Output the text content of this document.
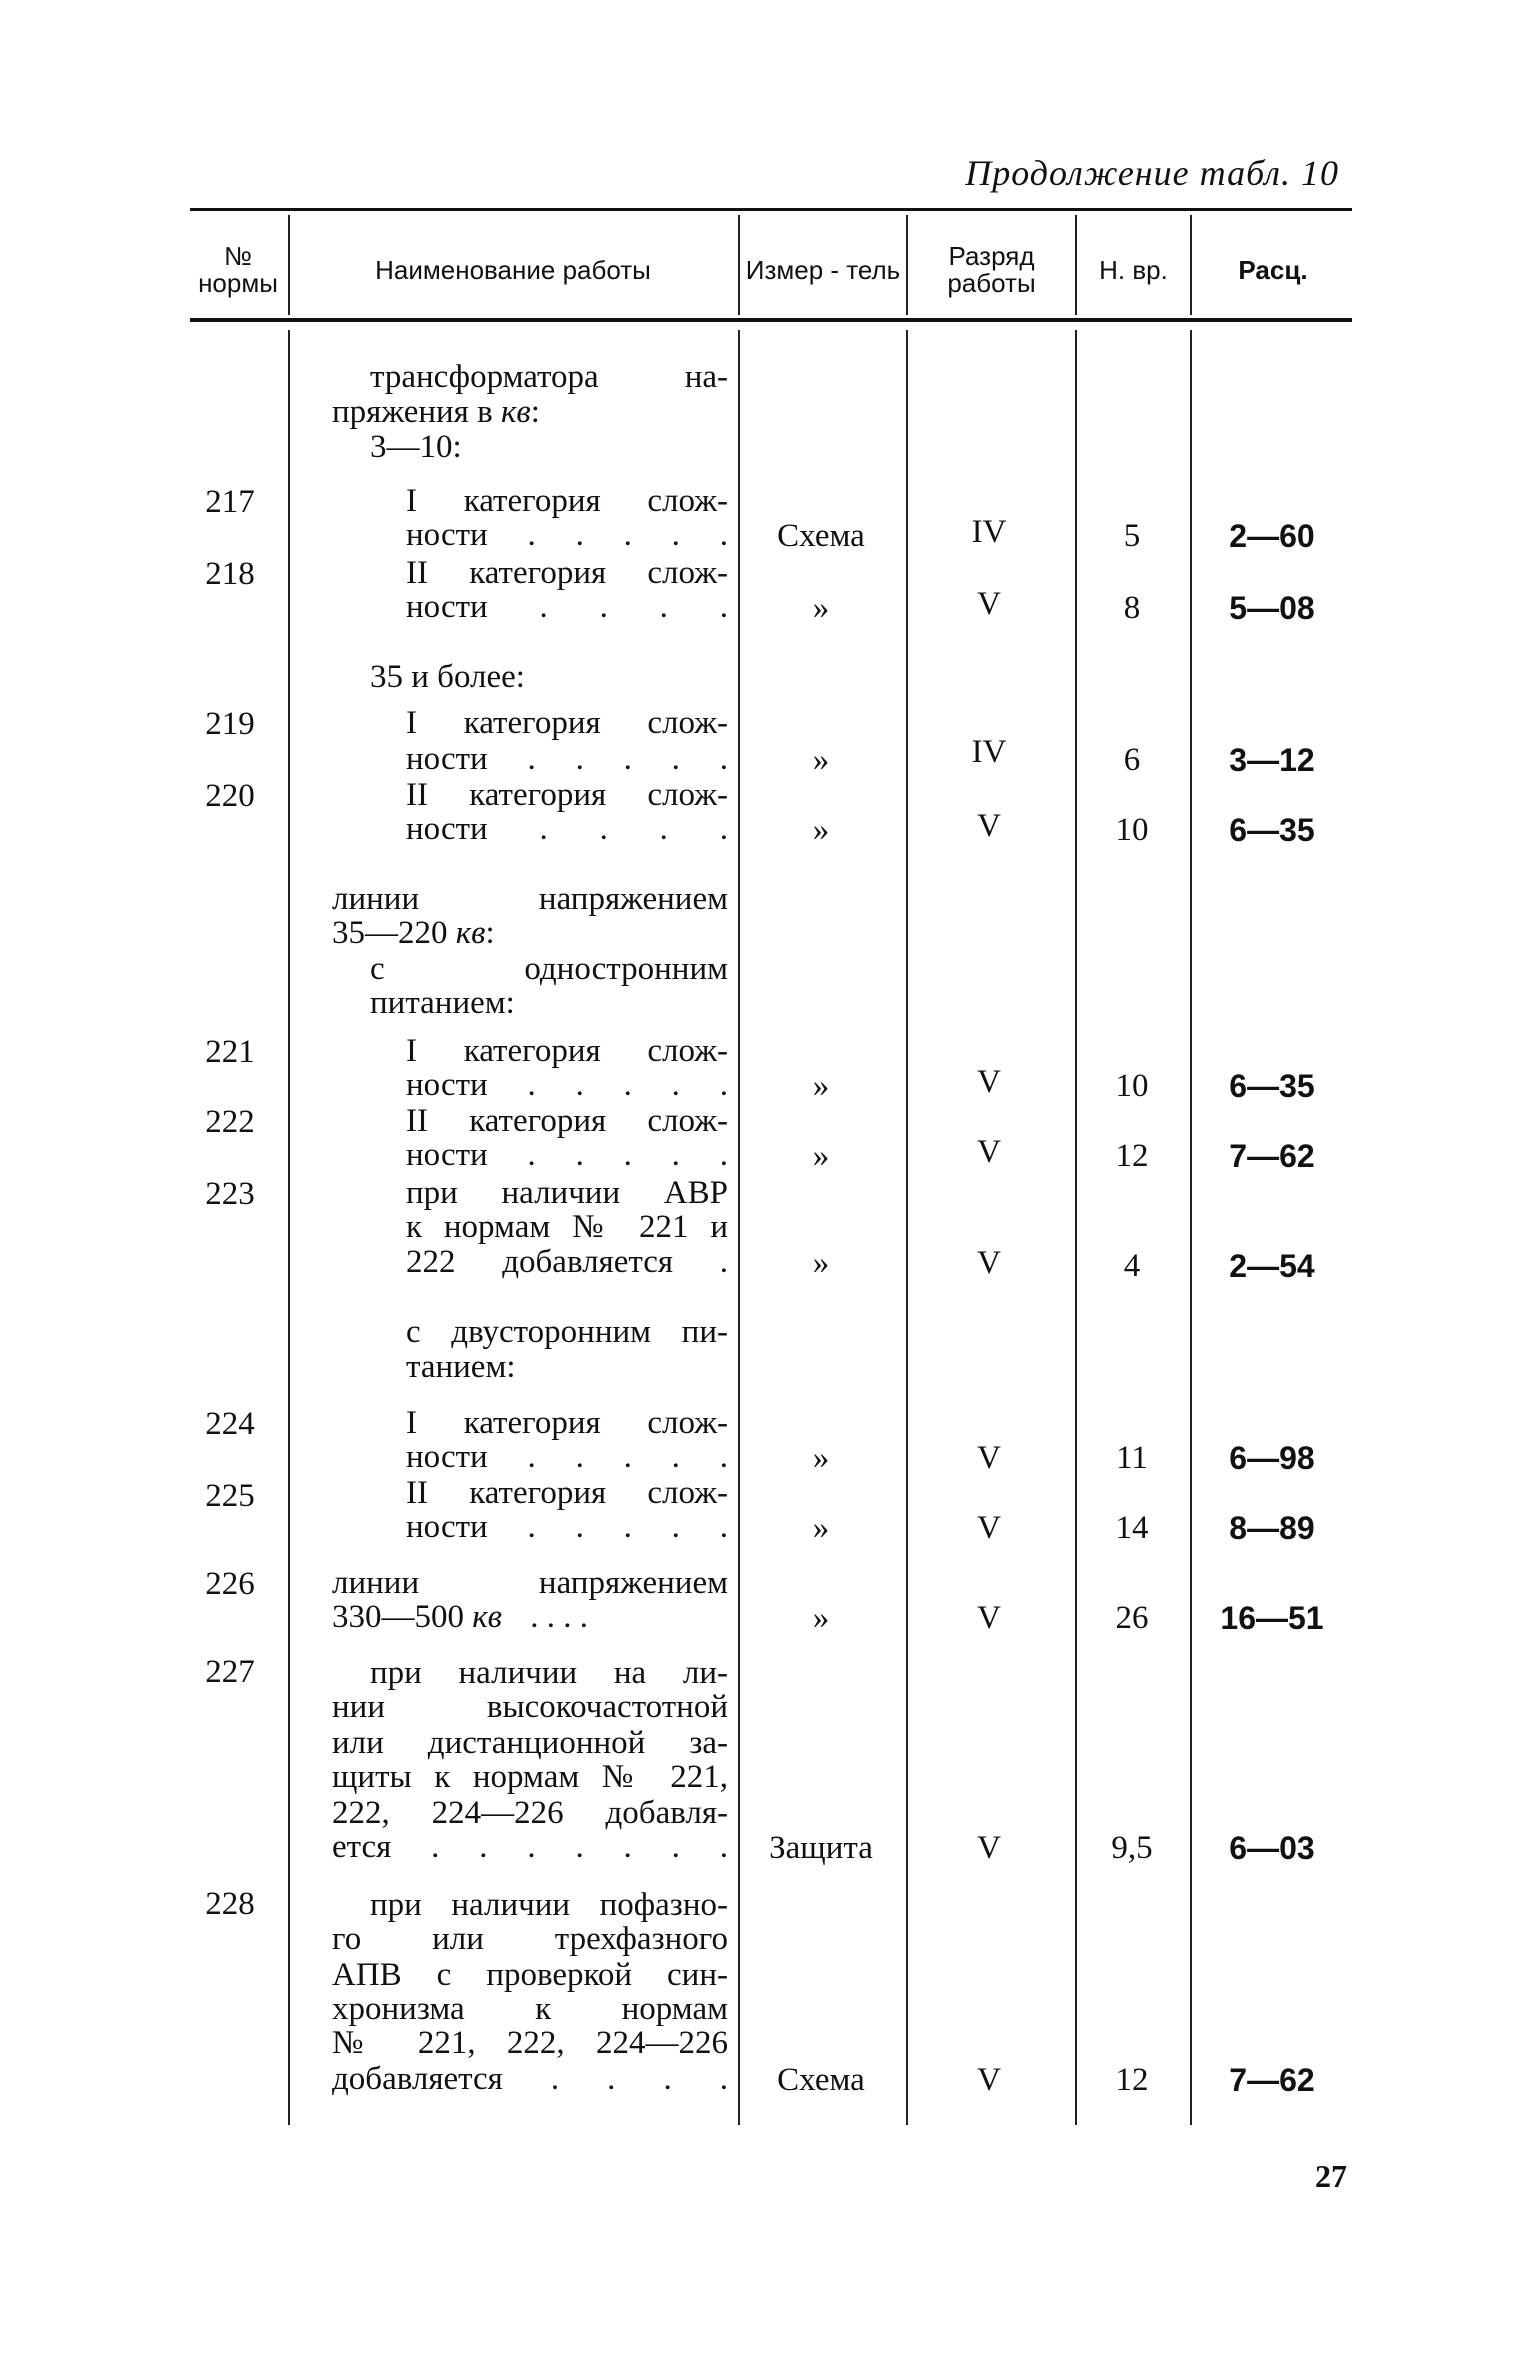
Продолжение табл. 10
№ нормы	Наименование работы	Измер - тель	Разряд работы	Н. вр.	Расц.
трансформатора на-
пряжения в кв:
3—10:
217	I категория слож-
ности . . . . .	Схема	IV	5	2—60
218	II категория слож-
ности . . . .	»	V	8	5—08
35 и более:
219	I категория слож-
ности . . . . .	»	IV	6	3—12
220	II категория слож-
ности . . . .	»	V	10	6—35
линии напряжением
35—220 кв:
с одностронним
питанием:
221	I категория слож-
ности . . . . .	»	V	10	6—35
222	II категория слож-
ности . . . . .	»	V	12	7—62
223	при наличии АВР
к нормам № 221 и
222 добавляется .	»	V	4	2—54
с двусторонним пи-
танием:
224	I категория слож-
ности . . . . .	»	V	11	6—98
225	II категория слож-
ности . . . . .	»	V	14	8—89
226	линии напряжением
330—500 кв . . . .	»	V	26	16—51
227	при наличии на ли-
нии высокочастотной
или дистанционной за-
щиты к нормам № 221,
222, 224—226 добавля-
ется . . . . . . .	Защита	V	9,5	6—03
228	при наличии пофазно-
го или трехфазного
АПВ с проверкой син-
хронизма к нормам
№ 221, 222, 224—226
добавляется . . . .	Схема	V	12	7—62
27
